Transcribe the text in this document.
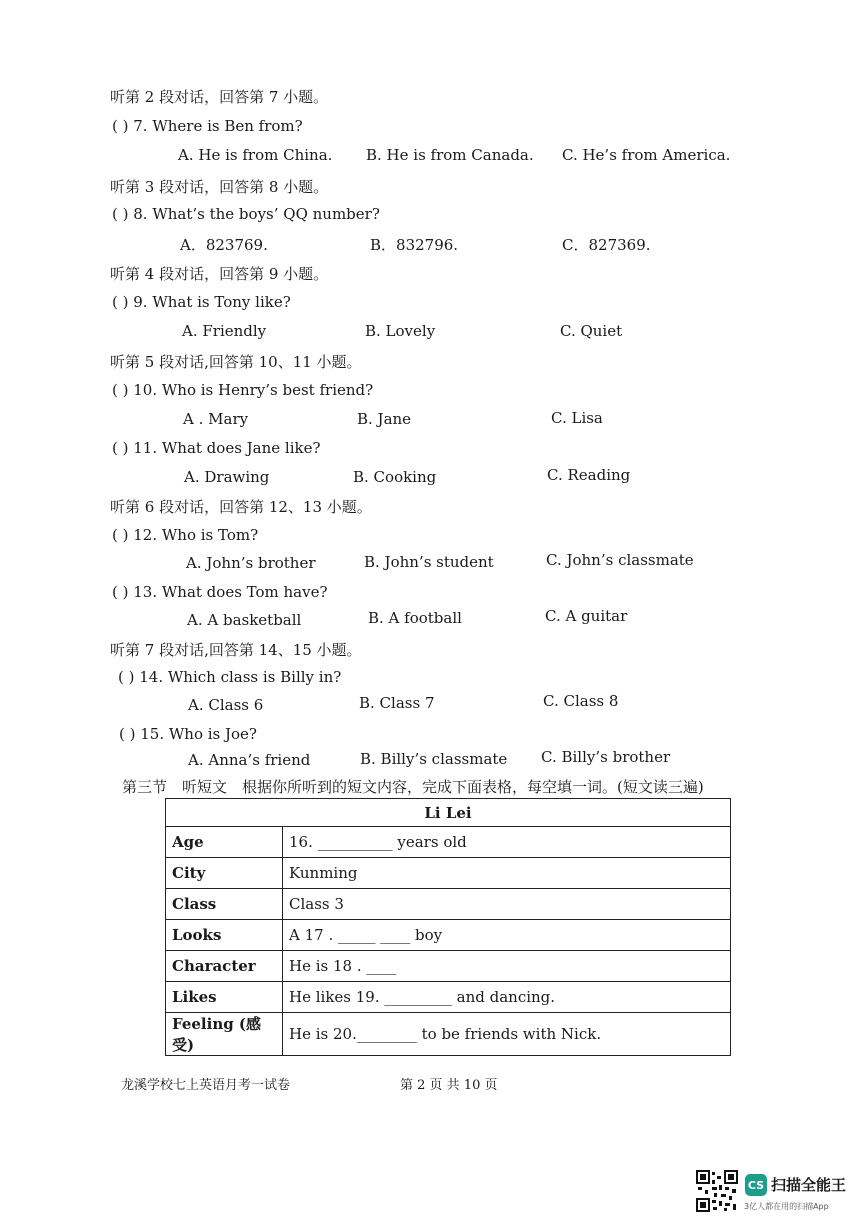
听第 2 段对话，回答第 7 小题。
听第 3 段对话，回答第 8 小题。
听第 4 段对话，回答第 9 小题。
听第 5 段对话,回答第 10、11 小题。
听第 6 段对话，回答第 12、13 小题。
听第 7 段对话,回答第 14、15 小题。
( ) 7. Where is Ben from?
A. He is from China. B. He is from Canada. C. He’s from America.
( ) 8. What’s the boys’ QQ number?
A．823769.	B．832796.	C．827369.
( ) 9. What is Tony like?
A. Friendly	B. Lovely	C. Quiet
( ) 10. Who is Henry’s best friend?
A . Mary	B. Jane	C. Lisa
( ) 11. What does Jane like?
A. Drawing	B. Cooking	C. Reading
( ) 12. Who is Tom?
A. John’s brother	B. John’s student	C. John’s classmate
( ) 13. What does Tom have?
A. A basketball	B. A football	C. A guitar
( ) 14. Which class is Billy in?
A. Class 6	B. Class 7	C. Class 8
( ) 15. Who is Joe?
A. Anna’s friend	B. Billy’s classmate C. Billy’s brother
第三节　听短文　根据你所听到的短文内容，完成下面表格，每空填一词。(短文读三遍)
Li Lei	
Age	16. __________ years old
City	Kunming
Class	Class 3
Looks	A 17 . _____ ____ boy
Character	He is 18 . ____
Likes	He likes 19. _________ and dancing.
Feeling (感受)	He is 20.________ to be friends with Nick.
龙溪学校七上英语月考一试卷	第 2 页 共 10 页
CS 扫描全能王
3亿人都在用的扫描App
